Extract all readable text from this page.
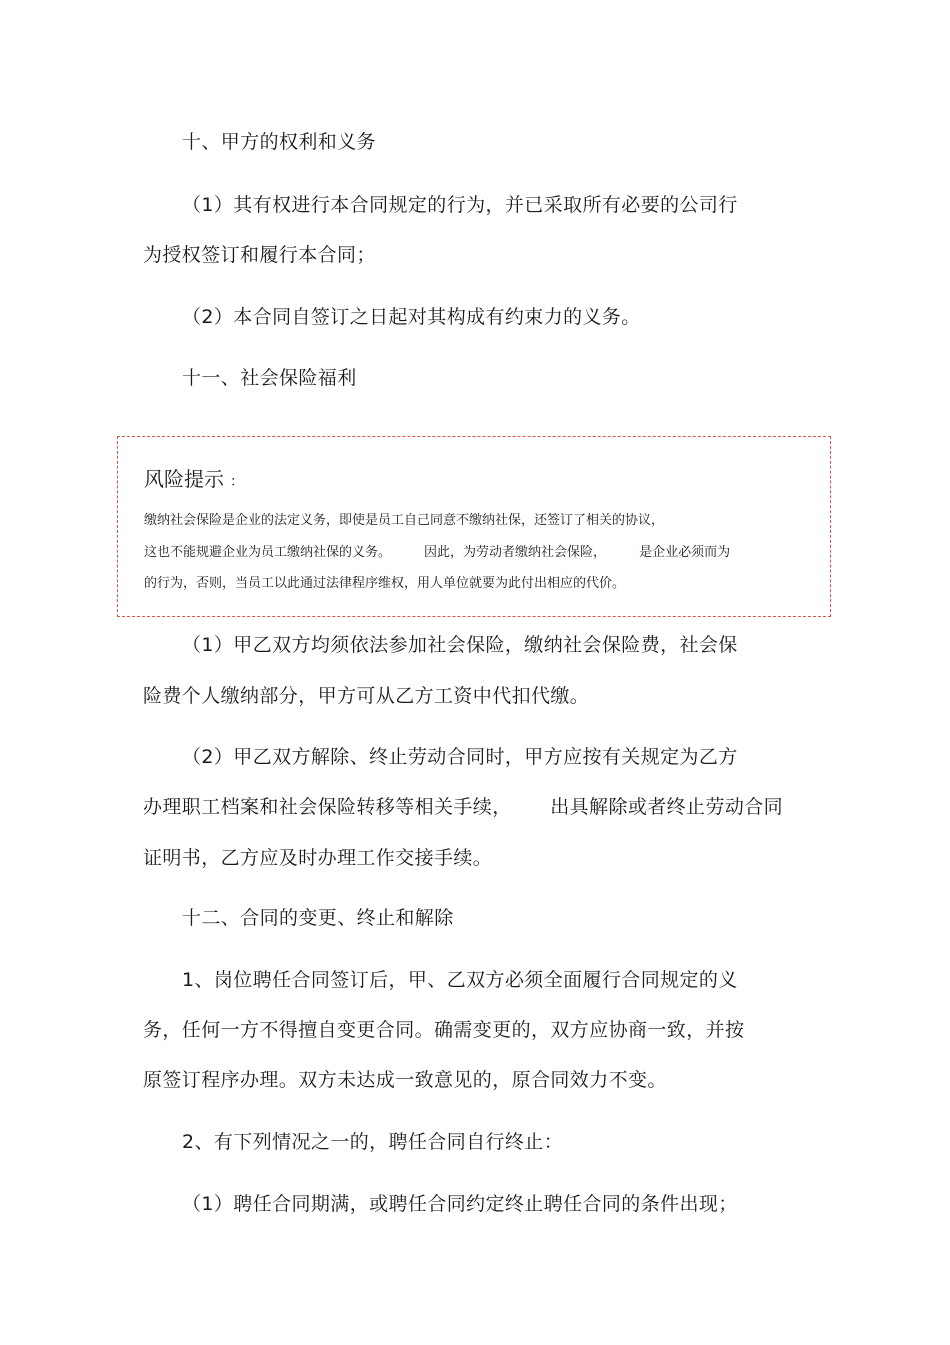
十、甲方的权利和义务
（1）其有权进行本合同规定的行为，并已采取所有必要的公司行
为授权签订和履行本合同；
（2）本合同自签订之日起对其构成有约束力的义务。
十一、社会保险福利
风险提示 ：
缴纳社会保险是企业的法定义务，即使是员工自己同意不缴纳社保，还签订了相关的协议，
这也不能规避企业为员工缴纳社保的义务。        因此，为劳动者缴纳社会保险，        是企业必须而为
的行为，否则，当员工以此通过法律程序维权，用人单位就要为此付出相应的代价。
（1）甲乙双方均须依法参加社会保险，缴纳社会保险费，社会保
险费个人缴纳部分，甲方可从乙方工资中代扣代缴。
（2）甲乙双方解除、终止劳动合同时，甲方应按有关规定为乙方
办理职工档案和社会保险转移等相关手续，      出具解除或者终止劳动合同
证明书，乙方应及时办理工作交接手续。
十二、合同的变更、终止和解除
1、岗位聘任合同签订后，甲、乙双方必须全面履行合同规定的义
务，任何一方不得擅自变更合同。确需变更的，双方应协商一致，并按
原签订程序办理。双方未达成一致意见的，原合同效力不变。
2、有下列情况之一的，聘任合同自行终止：
（1）聘任合同期满，或聘任合同约定终止聘任合同的条件出现；
